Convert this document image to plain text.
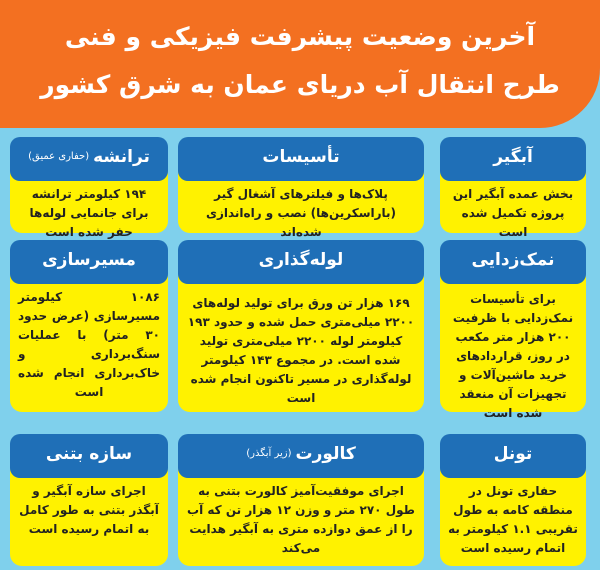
آخرین وضعیت پیشرفت فیزیکی و فنی
طرح انتقال آب دریای عمان به شرق کشور
آبگیر
بخش عمده آبگیر این پروژه تکمیل شده است
تأسیسات
پلاک‌ها و فیلترهای آشغال گیر (باراسکرین‌ها) نصب و راه‌اندازی شده‌اند
ترانشه$^{(حفاری عمیق)}$
۱۹۴ کیلومتر ترانشه برای جانمایی لوله‌ها حفر شده است
نمک‌زدایی
برای تأسیسات نمک‌زدایی با ظرفیت ۲۰۰ هزار متر مکعب در روز، قراردادهای خرید ماشین‌آلات و تجهیزات آن منعقد شده است
لوله‌گذاری
۱۶۹ هزار تن ورق برای تولید لوله‌های ۲۲۰۰ میلی‌متری حمل شده و حدود ۱۹۳ کیلومتر لوله ۲۲۰۰ میلی‌متری تولید شده است. در مجموع ۱۴۳ کیلومتر لوله‌گذاری در مسیر تاکنون انجام شده است
مسیرسازی
۱۰۸۶ کیلومتر مسیرسازی (عرض حدود ۳۰ متر) با عملیات سنگ‌برداری و خاک‌برداری انجام شده است
تونل
حفاری تونل در منطقه کامه به طول تقریبی ۱.۱ کیلومتر به اتمام رسیده است
کالورت$^{(زیر آبگذر)}$
اجرای موفقیت‌آمیز کالورت بتنی به طول ۲۷۰ متر و وزن ۱۲ هزار تن که آب را از عمق دوازده متری به آبگیر هدایت می‌کند
سازه بتنی
اجرای سازه آبگیر و آبگذر بتنی به طور کامل به اتمام رسیده است
